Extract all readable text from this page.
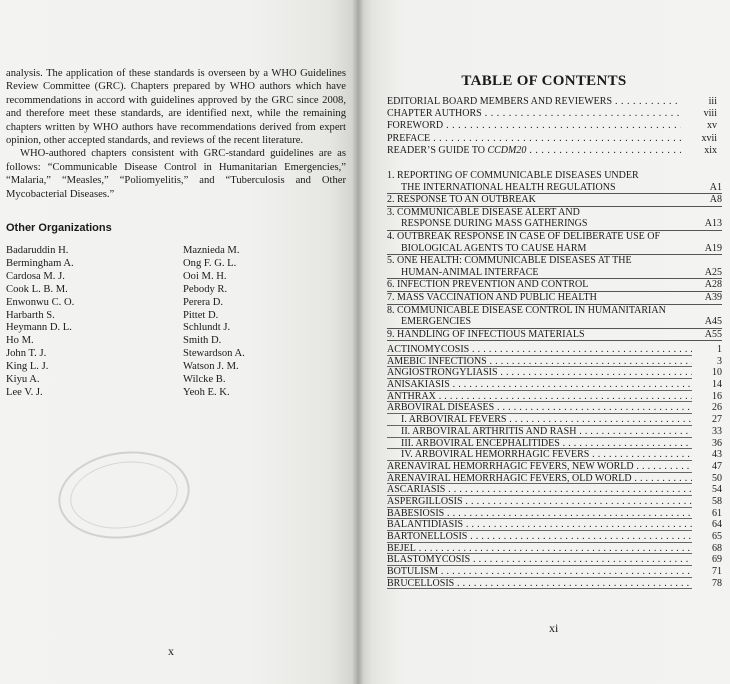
analysis. The application of these standards is overseen by a WHO Guidelines Review Committee (GRC). Chapters prepared by WHO authors which have recommendations in accord with guidelines approved by the GRC since 2008, and therefore meet these standards, are identified next, while the remaining chapters written by WHO authors have recommendations derived from expert opinion, other accepted standards, and reviews of the recent literature.

WHO-authored chapters consistent with GRC-standard guidelines are as follows: “Communicable Disease Control in Humanitarian Emergencies,” “Malaria,” “Measles,” “Poliomyelitis,” and “Tuberculosis and Other Mycobacterial Diseases.”

Other Organizations
Badaruddin H.
Bermingham A.
Cardosa M. J.
Cook L. B. M.
Enwonwu C. O.
Harbarth S.
Heymann D. L.
Ho M.
John T. J.
King L. J.
Kiyu A.
Lee V. J.
Maznieda M.
Ong F. G. L.
Ooi M. H.
Pebody R.
Perera D.
Pittet D.
Schlundt J.
Smith D.
Stewardson A.
Watson J. M.
Wilcke B.
Yeoh E. K.
x
TABLE OF CONTENTS
EDITORIAL BOARD MEMBERS AND REVIEWERS . . .	iii
CHAPTER AUTHORS . . .	viii
FOREWORD . . .	xv
PREFACE . . .	xvii
READER’S GUIDE TO CCDM20 . . .	xix
1. REPORTING OF COMMUNICABLE DISEASES UNDER
THE INTERNATIONAL HEALTH REGULATIONS	A1
2. RESPONSE TO AN OUTBREAK	A8
3. COMMUNICABLE DISEASE ALERT AND
RESPONSE DURING MASS GATHERINGS	A13
4. OUTBREAK RESPONSE IN CASE OF DELIBERATE USE OF
BIOLOGICAL AGENTS TO CAUSE HARM	A19
5. ONE HEALTH: COMMUNICABLE DISEASES AT THE
HUMAN-ANIMAL INTERFACE	A25
6. INFECTION PREVENTION AND CONTROL	A28
7. MASS VACCINATION AND PUBLIC HEALTH	A39
8. COMMUNICABLE DISEASE CONTROL IN HUMANITARIAN
EMERGENCIES	A45
9. HANDLING OF INFECTIOUS MATERIALS	A55
ACTINOMYCOSIS . . .	1
AMEBIC INFECTIONS . . .	3
ANGIOSTRONGYLIASIS . . .	10
ANISAKIASIS . . .	14
ANTHRAX . . .	16
ARBOVIRAL DISEASES . . .	26
I. ARBOVIRAL FEVERS . . .	27
II. ARBOVIRAL ARTHRITIS AND RASH . . .	33
III. ARBOVIRAL ENCEPHALITIDES . . .	36
IV. ARBOVIRAL HEMORRHAGIC FEVERS . . .	43
ARENAVIRAL HEMORRHAGIC FEVERS, NEW WORLD . . .	47
ARENAVIRAL HEMORRHAGIC FEVERS, OLD WORLD . . .	50
ASCARIASIS . . .	54
ASPERGILLOSIS . . .	58
BABESIOSIS . . .	61
BALANTIDIASIS . . .	64
BARTONELLOSIS . . .	65
BEJEL . . .	68
BLASTOMYCOSIS . . .	69
BOTULISM . . .	71
BRUCELLOSIS . . .	78
xi
